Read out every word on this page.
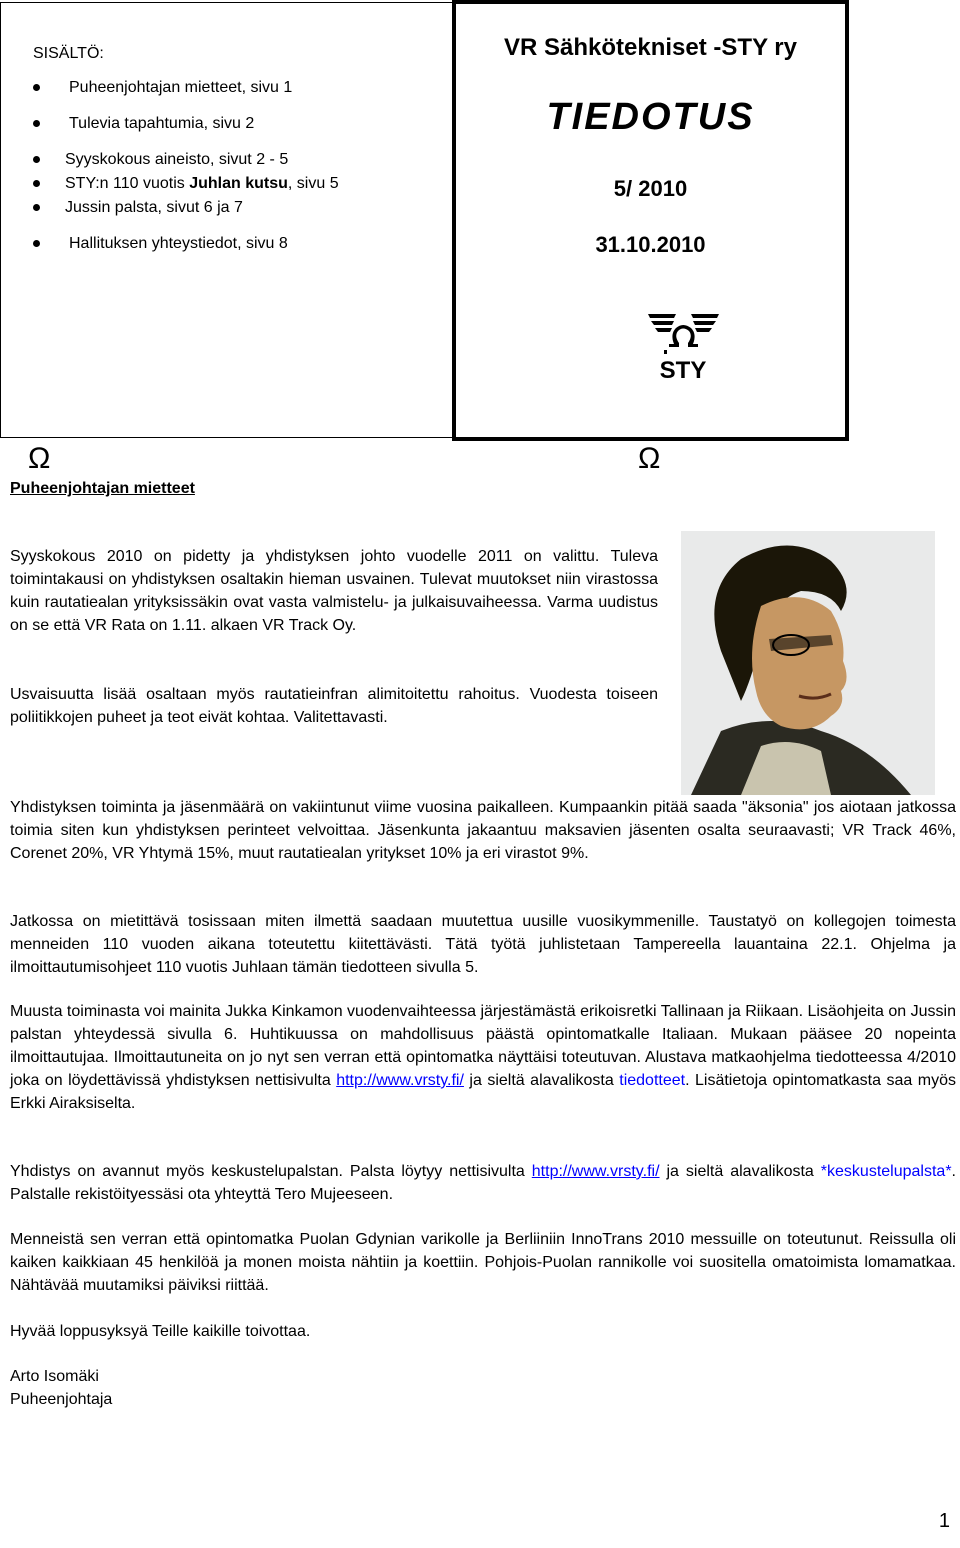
SISÄLTÖ:
Puheenjohtajan mietteet, sivu 1
Tulevia tapahtumia, sivu 2
Syyskokous aineisto, sivut 2 - 5
STY:n 110 vuotis Juhlan kutsu, sivu 5
Jussin palsta, sivut 6 ja 7
Hallituksen yhteystiedot, sivu 8
VR Sähkötekniset -STY ry
TIEDOTUS
5/ 2010
31.10.2010
STY
Ω	Ω
Puheenjohtajan mietteet

Syyskokous 2010 on pidetty ja yhdistyksen johto vuodelle 2011 on valittu. Tuleva toimintakausi on yhdistyksen osaltakin hieman usvainen. Tulevat muutokset niin virastossa kuin rautatiealan yrityksissäkin ovat vasta valmistelu- ja julkaisuvaiheessa. Varma uudistus on se että VR Rata on 1.11. alkaen VR Track Oy.

Usvaisuutta lisää osaltaan myös rautatieinfran alimitoitettu rahoitus. Vuodesta toiseen poliitikkojen puheet ja teot eivät kohtaa. Valitettavasti.

Yhdistyksen toiminta ja jäsenmäärä on vakiintunut viime vuosina paikalleen. Kumpaankin pitää saada "äksonia" jos aiotaan jatkossa toimia siten kun yhdistyksen perinteet velvoittaa. Jäsenkunta jakaantuu maksavien jäsenten osalta seuraavasti; VR Track 46%, Corenet 20%, VR Yhtymä 15%, muut rautatiealan yritykset 10% ja eri virastot 9%.

Jatkossa on mietittävä tosissaan miten ilmettä saadaan muutettua uusille vuosikymmenille. Taustatyö on kollegojen toimesta menneiden 110 vuoden aikana toteutettu kiitettävästi. Tätä työtä juhlistetaan Tampereella lauantaina 22.1. Ohjelma ja ilmoittautumisohjeet 110 vuotis Juhlaan tämän tiedotteen sivulla 5.

Muusta toiminasta voi mainita Jukka Kinkamon vuodenvaihteessa järjestämästä erikoisretki Tallinaan ja Riikaan. Lisäohjeita on Jussin palstan yhteydessä sivulla 6. Huhtikuussa on mahdollisuus päästä opintomatkalle Italiaan. Mukaan pääsee 20 nopeinta ilmoittautujaa. Ilmoittautuneita on jo nyt sen verran että opintomatka näyttäisi toteutuvan. Alustava matkaohjelma tiedotteessa 4/2010 joka on löydettävissä yhdistyksen nettisivulta http://www.vrsty.fi/ ja sieltä alavalikosta tiedotteet. Lisätietoja opintomatkasta saa myös Erkki Airaksiselta.

Yhdistys on avannut myös keskustelupalstan. Palsta löytyy nettisivulta http://www.vrsty.fi/ ja sieltä alavalikosta *keskustelupalsta*. Palstalle rekistöityessäsi ota yhteyttä Tero Mujeeseen.

Menneistä sen verran että opintomatka Puolan Gdynian varikolle ja Berliiniin InnoTrans 2010 messuille on toteutunut. Reissulla oli kaiken kaikkiaan 45 henkilöä ja monen moista nähtiin ja koettiin. Pohjois-Puolan rannikolle voi suositella omatoimista lomamatkaa. Nähtävää muutamiksi päiviksi riittää.

Hyvää loppusyksyä Teille kaikille toivottaa.

Arto Isomäki

Puheenjohtaja

1
